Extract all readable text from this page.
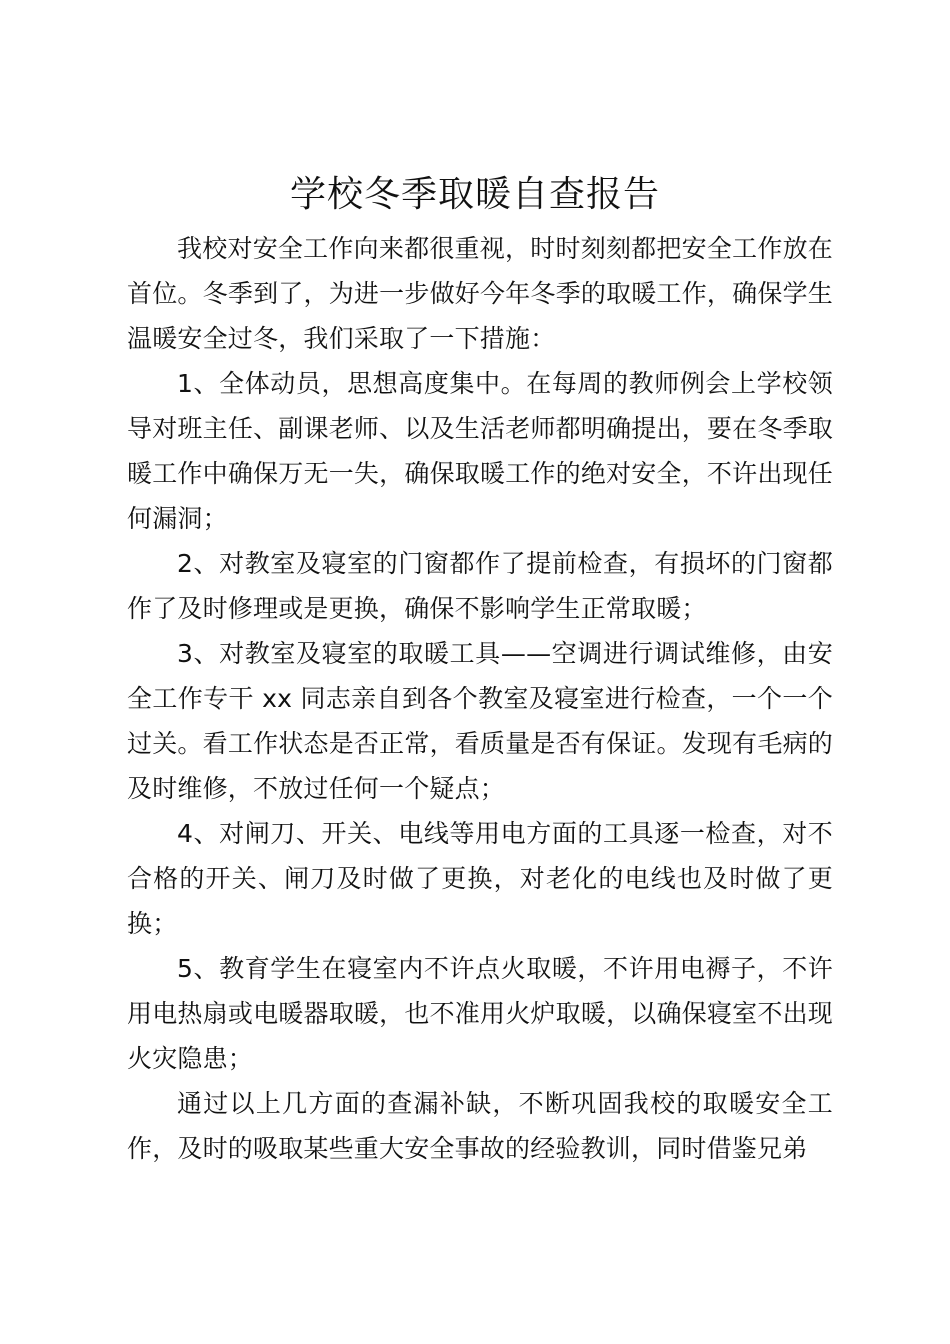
学校冬季取暖自查报告

我校对安全工作向来都很重视，时时刻刻都把安全工作放在首位。冬季到了，为进一步做好今年冬季的取暖工作，确保学生温暖安全过冬，我们采取了一下措施：

1、全体动员，思想高度集中。在每周的教师例会上学校领导对班主任、副课老师、以及生活老师都明确提出，要在冬季取暖工作中确保万无一失，确保取暖工作的绝对安全，不许出现任何漏洞；

2、对教室及寝室的门窗都作了提前检查，有损坏的门窗都作了及时修理或是更换，确保不影响学生正常取暖；

3、对教室及寝室的取暖工具——空调进行调试维修，由安全工作专干 xx 同志亲自到各个教室及寝室进行检查，一个一个过关。看工作状态是否正常，看质量是否有保证。发现有毛病的及时维修，不放过任何一个疑点；

4、对闸刀、开关、电线等用电方面的工具逐一检查，对不合格的开关、闸刀及时做了更换，对老化的电线也及时做了更换；

5、教育学生在寝室内不许点火取暖，不许用电褥子，不许用电热扇或电暖器取暖，也不准用火炉取暖，以确保寝室不出现火灾隐患；

通过以上几方面的查漏补缺，不断巩固我校的取暖安全工作，及时的吸取某些重大安全事故的经验教训，同时借鉴兄弟
